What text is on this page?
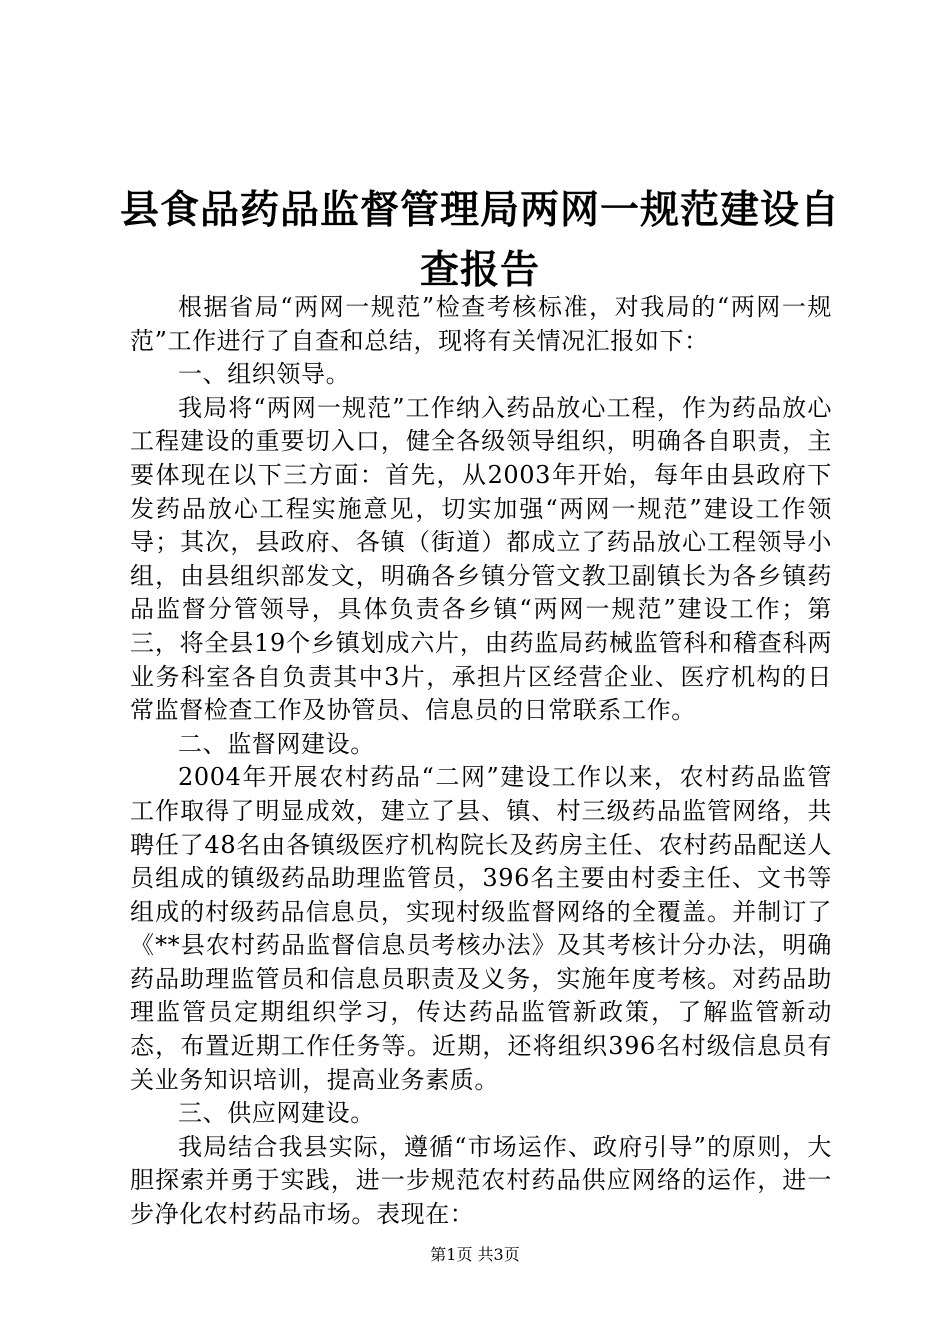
县食品药品监督管理局两网一规范建设自查报告

根据省局“两网一规范”检查考核标准，对我局的“两网一规范”工作进行了自查和总结，现将有关情况汇报如下：

一、组织领导。

我局将“两网一规范”工作纳入药品放心工程，作为药品放心工程建设的重要切入口，健全各级领导组织，明确各自职责，主要体现在以下三方面：首先，从2003年开始，每年由县政府下发药品放心工程实施意见，切实加强“两网一规范”建设工作领导；其次，县政府、各镇（街道）都成立了药品放心工程领导小组，由县组织部发文，明确各乡镇分管文教卫副镇长为各乡镇药品监督分管领导，具体负责各乡镇“两网一规范”建设工作；第三，将全县19个乡镇划成六片，由药监局药械监管科和稽查科两业务科室各自负责其中3片，承担片区经营企业、医疗机构的日常监督检查工作及协管员、信息员的日常联系工作。

二、监督网建设。

2004年开展农村药品“二网”建设工作以来，农村药品监管工作取得了明显成效，建立了县、镇、村三级药品监管网络，共聘任了48名由各镇级医疗机构院长及药房主任、农村药品配送人员组成的镇级药品助理监管员，396名主要由村委主任、文书等组成的村级药品信息员，实现村级监督网络的全覆盖。并制订了《**县农村药品监督信息员考核办法》及其考核计分办法，明确药品助理监管员和信息员职责及义务，实施年度考核。对药品助理监管员定期组织学习，传达药品监管新政策，了解监管新动态，布置近期工作任务等。近期，还将组织396名村级信息员有关业务知识培训，提高业务素质。

三、供应网建设。

我局结合我县实际，遵循“市场运作、政府引导”的原则，大胆探索并勇于实践，进一步规范农村药品供应网络的运作，进一步净化农村药品市场。表现在：

第1页 共3页
